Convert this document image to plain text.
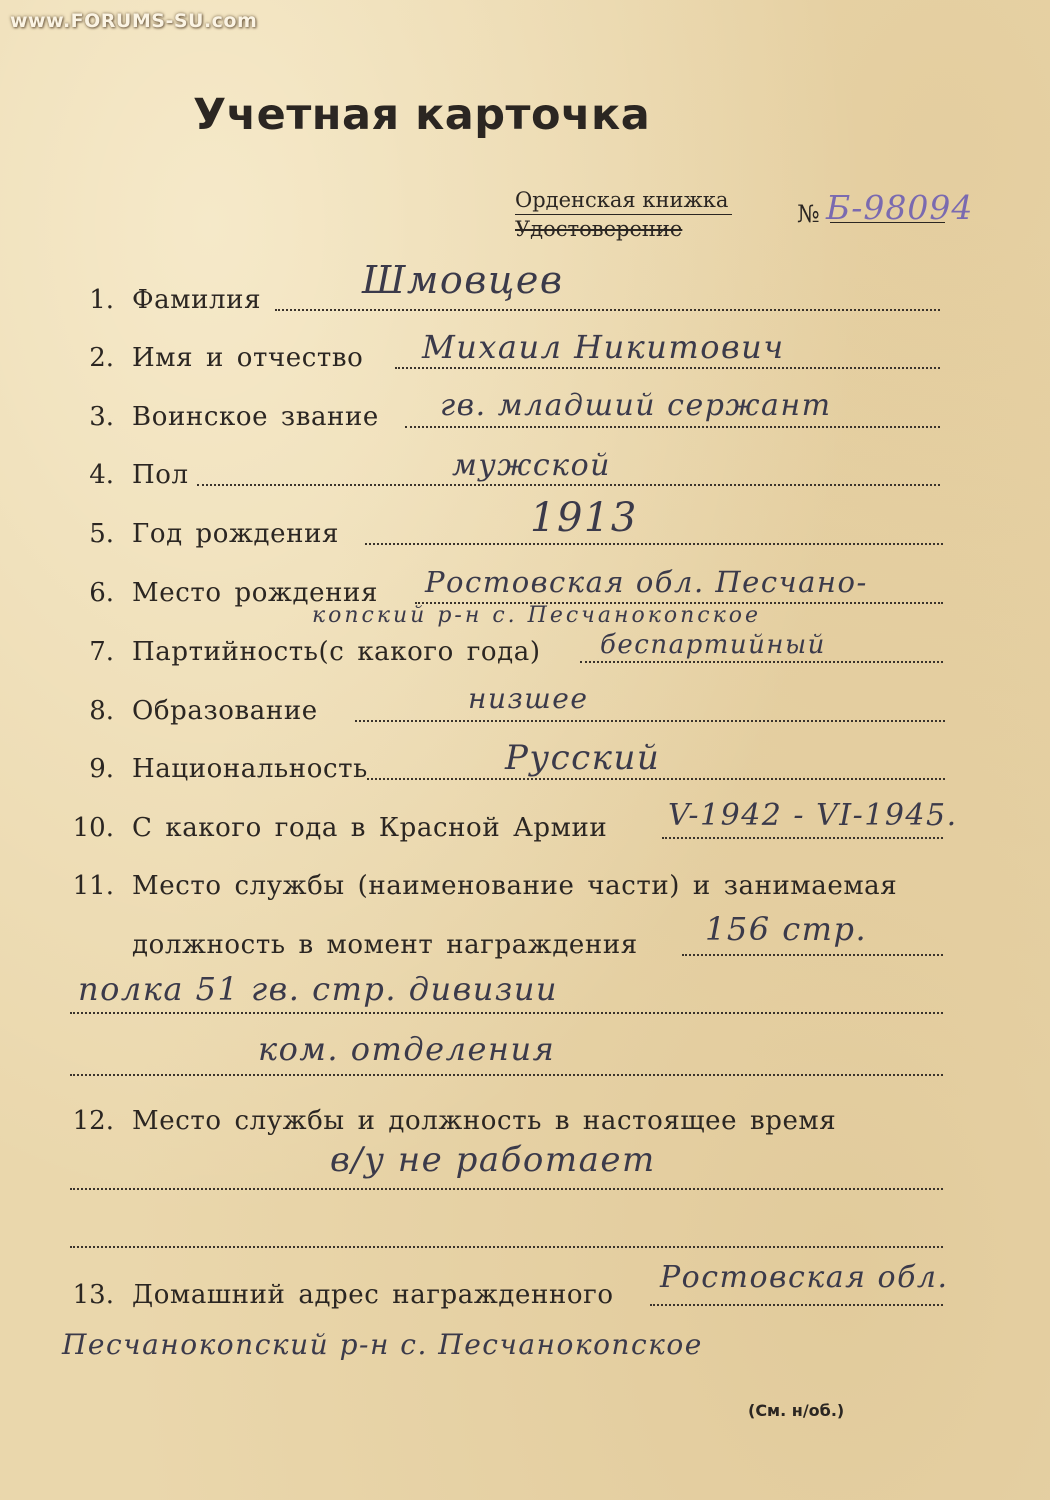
www.FORUMS-SU.com
Учетная карточка
Орденская книжка
Удостоверение
№ Б-98094
1. Фамилия	Шмовцев
2. Имя и отчество Михаил Никитович
3. Воинское звание гв. младший сержант
4. Пол	мужской
5. Год рождения	1913
6. Место рождения Ростовская обл. Песчано-
копский р-н с. Песчанокопское
7. Партийность(с какого года) беспартийный
8. Образование	низшее
9. Национальность	Русский
10. С какого года в Красной Армии V-1942 - VI-1945.
11. Место службы (наименование части) и занимаемая
должность в момент награждения 156 стр.
полка 51 гв. стр. дивизии
ком. отделения
12. Место службы и должность в настоящее время
в/у не работает
13. Домашний адрес награжденного Ростовская обл.
Песчанокопский р-н с. Песчанокопское
(См. н/об.)
